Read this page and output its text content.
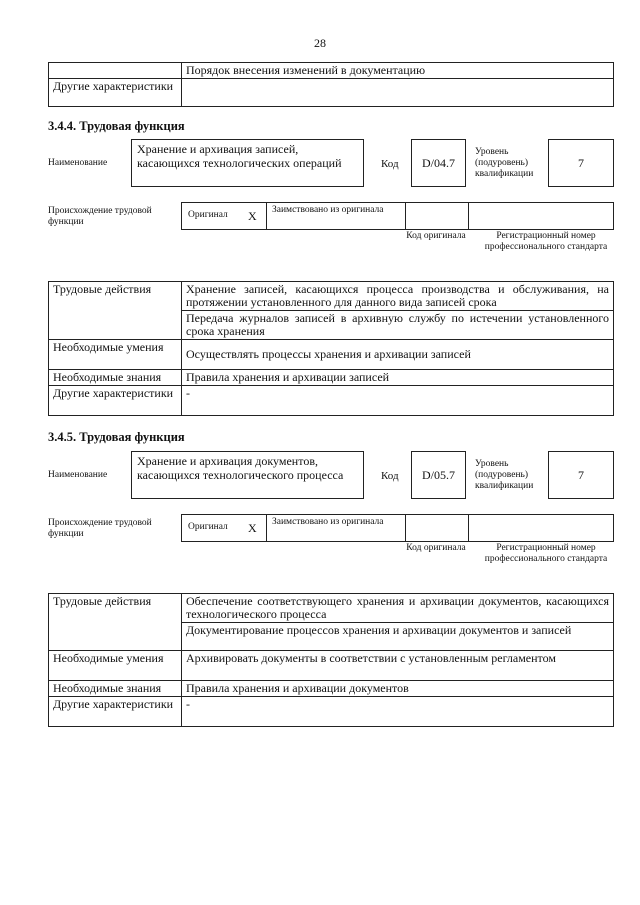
28
	Порядок внесения изменений в документацию
Другие характеристики	
3.4.4. Трудовая функция
Наименование
Хранение и архивация записей, касающихся технологических операций	Код	D/04.7
Уровень (подуровень) квалификации
7
Происхождение трудовой функции
Оригинал X Заимствовано из оригинала
Код оригинала	Регистрационный номер профессионального стандарта
Трудовые действия	Хранение записей, касающихся процесса производства и обслуживания, на протяжении установленного для данного вида записей срока
	Передача журналов записей в архивную службу по истечении установленного срока хранения
Необходимые умения	Осуществлять процессы хранения и архивации записей
Необходимые знания	Правила хранения и архивации записей
Другие характеристики	-
3.4.5. Трудовая функция
Наименование
Хранение и архивация документов, касающихся технологического процесса	Код	D/05.7
Уровень (подуровень) квалификации
7
Происхождение трудовой функции
Оригинал X Заимствовано из оригинала
Код оригинала	Регистрационный номер профессионального стандарта
Трудовые действия	Обеспечение соответствующего хранения и архивации документов, касающихся технологического процесса
	Документирование процессов хранения и архивации документов и записей
Необходимые умения	Архивировать документы в соответствии с установленным регламентом
Необходимые знания	Правила хранения и архивации документов
Другие характеристики	-
